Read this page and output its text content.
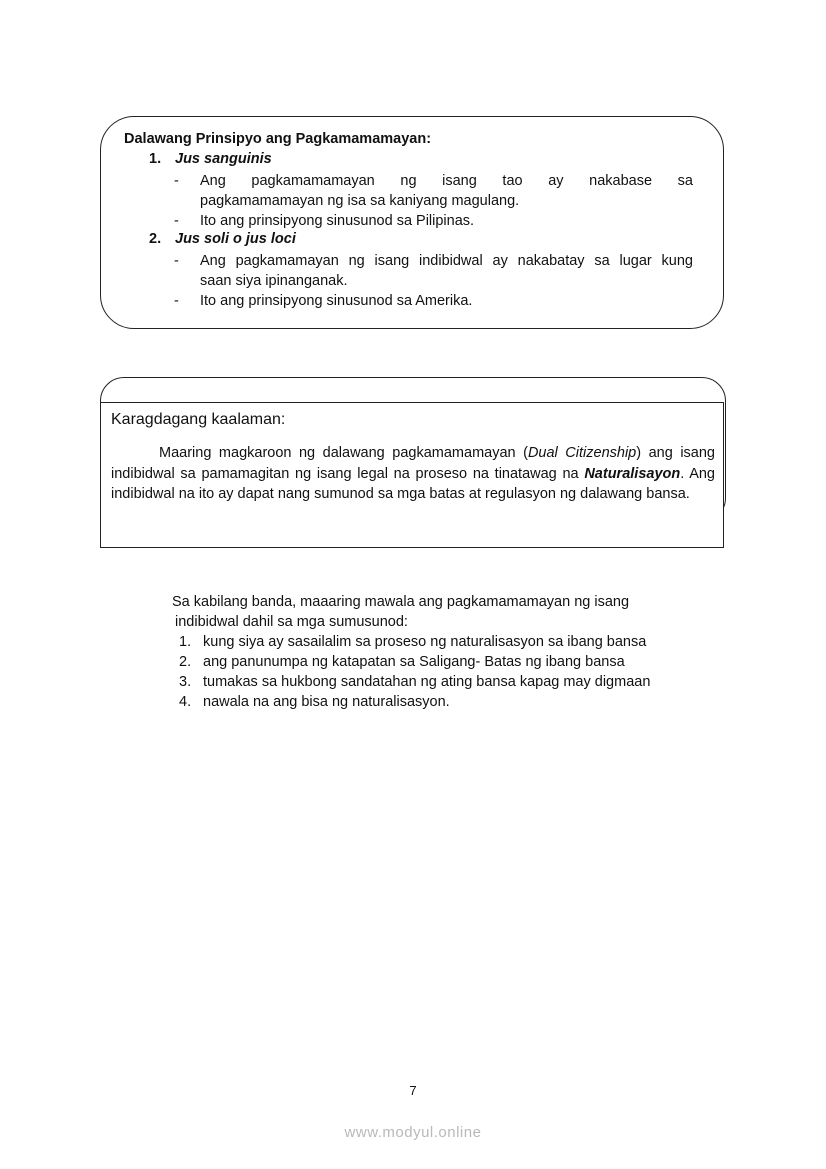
Dalawang Prinsipyo ang Pagkamamamayan:
1. Jus sanguinis
- Ang pagkamamamayan ng isang tao ay nakabase sa
pagkamamamayan ng isa sa kaniyang magulang.
- Ito ang prinsipyong sinusunod sa Pilipinas.
2. Jus soli o jus loci
- Ang pagkamamayan ng isang indibidwal ay nakabatay sa lugar kung
saan siya ipinanganak.
- Ito ang prinsipyong sinusunod sa Amerika.
Karagdagang kaalaman:
Maaring magkaroon ng dalawang pagkamamamayan (Dual Citizenship) ang isang indibidwal sa pamamagitan ng isang legal na proseso na tinatawag na Naturalisayon. Ang indibidwal na ito ay dapat nang sumunod sa mga batas at regulasyon ng dalawang bansa.
Sa kabilang banda, maaaring mawala ang pagkamamamayan ng isang
indibidwal dahil sa mga sumusunod:
1. kung siya ay sasailalim sa proseso ng naturalisasyon sa ibang bansa
2. ang panunumpa ng katapatan sa Saligang- Batas ng ibang bansa
3. tumakas sa hukbong sandatahan ng ating bansa kapag may digmaan
4. nawala na ang bisa ng naturalisasyon.
7
www.modyul.online
